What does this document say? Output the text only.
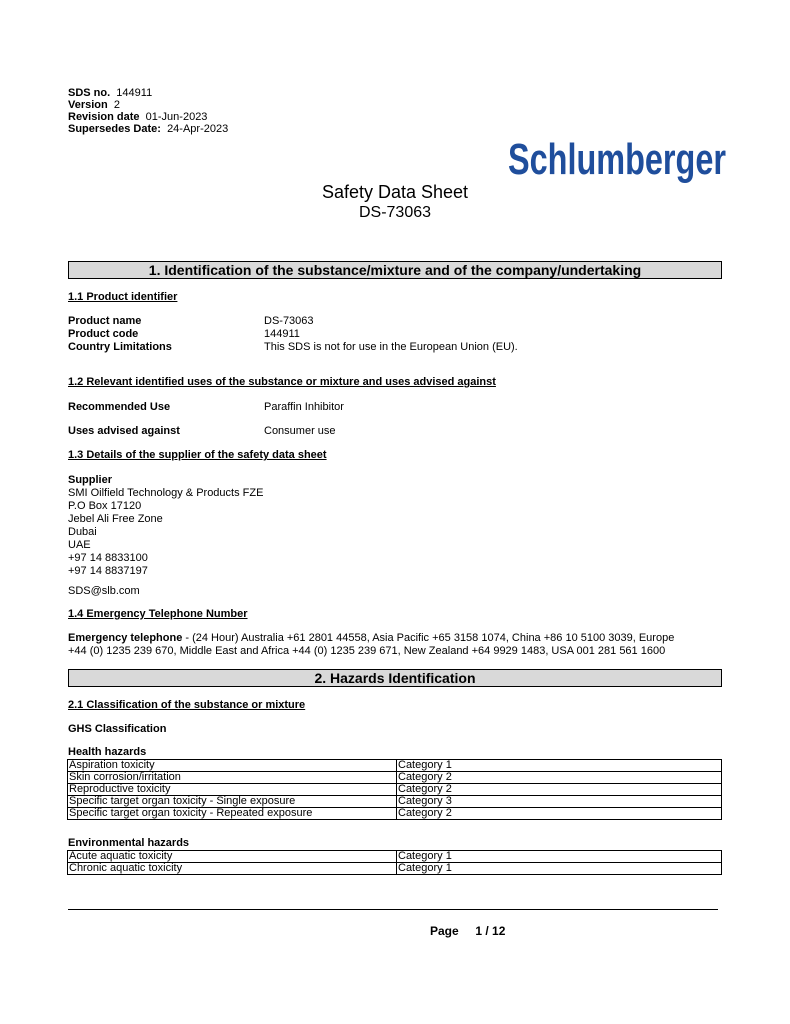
SDS no. 144911
Version 2
Revision date 01-Jun-2023
Supersedes Date: 24-Apr-2023
Schlumberger
Safety Data Sheet
DS-73063
1. Identification of the substance/mixture and of the company/undertaking
1.1 Product identifier
Product name	DS-73063
Product code	144911
Country Limitations	This SDS is not for use in the European Union (EU).
1.2 Relevant identified uses of the substance or mixture and uses advised against
Recommended Use	Paraffin Inhibitor
Uses advised against	Consumer use
1.3 Details of the supplier of the safety data sheet
Supplier
SMI Oilfield Technology & Products FZE
P.O Box 17120
Jebel Ali Free Zone
Dubai
UAE
+97 14 8833100
+97 14 8837197
SDS@slb.com
1.4 Emergency Telephone Number
Emergency telephone - (24 Hour) Australia +61 2801 44558, Asia Pacific +65 3158 1074, China +86 10 5100 3039, Europe
+44 (0) 1235 239 670, Middle East and Africa +44 (0) 1235 239 671, New Zealand +64 9929 1483, USA 001 281 561 1600
2. Hazards Identification
2.1 Classification of the substance or mixture
GHS Classification
Health hazards
Aspiration toxicity	Category 1
Skin corrosion/irritation	Category 2
Reproductive toxicity	Category 2
Specific target organ toxicity - Single exposure	Category 3
Specific target organ toxicity - Repeated exposure	Category 2
Environmental hazards
Acute aquatic toxicity	Category 1
Chronic aquatic toxicity	Category 1
Page 1 / 12
